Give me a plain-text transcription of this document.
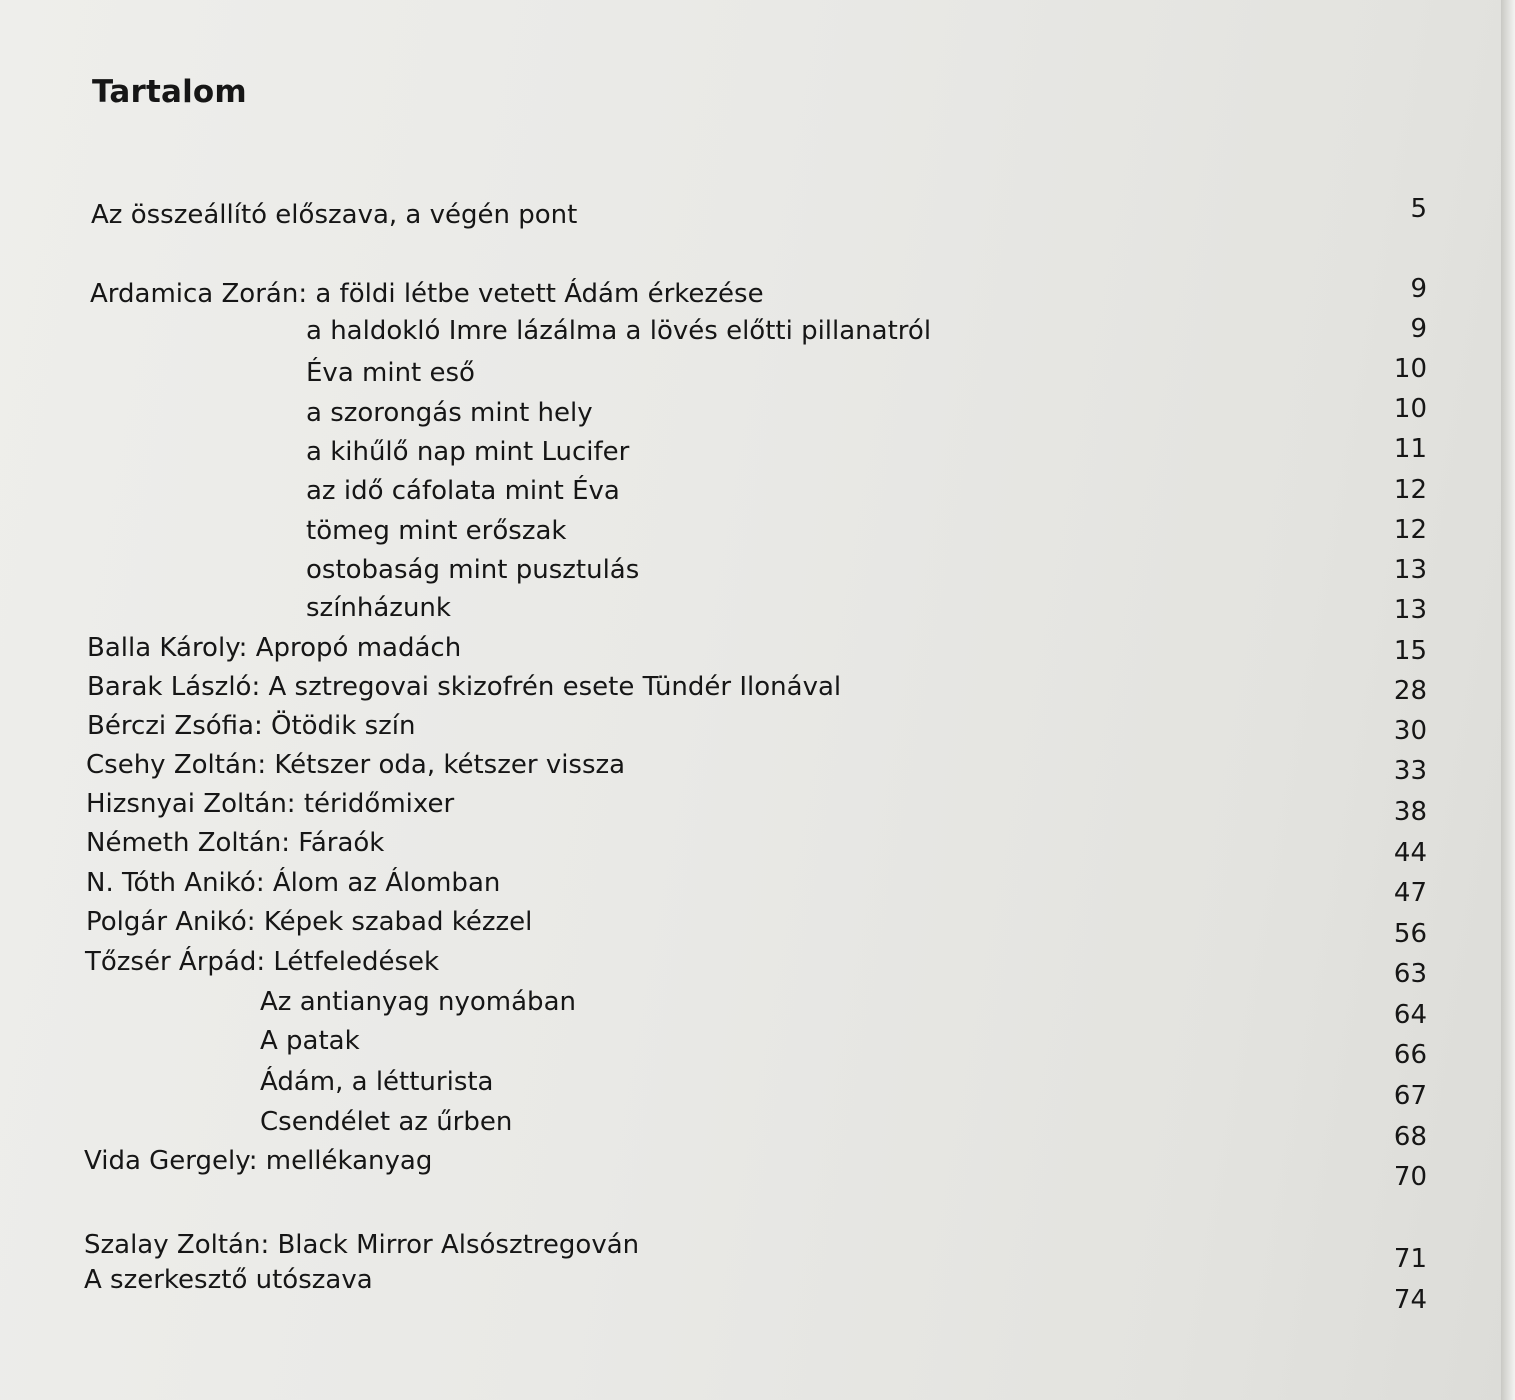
Tartalom
Az összeállító előszava, a végén pont
Ardamica Zorán: a földi létbe vetett Ádám érkezése
a haldokló Imre lázálma a lövés előtti pillanatról
Éva mint eső
a szorongás mint hely
a kihűlő nap mint Lucifer
az idő cáfolata mint Éva
tömeg mint erőszak
ostobaság mint pusztulás
színházunk
Balla Károly: Apropó madách
Barak László: A sztregovai skizofrén esete Tündér Ilonával
Bérczi Zsófia: Ötödik szín
Csehy Zoltán: Kétszer oda, kétszer vissza
Hizsnyai Zoltán: téridőmixer
Németh Zoltán: Fáraók
N. Tóth Anikó: Álom az Álomban
Polgár Anikó: Képek szabad kézzel
Tőzsér Árpád: Létfeledések
Az antianyag nyomában
A patak
Ádám, a létturista
Csendélet az űrben
Vida Gergely: mellékanyag
Szalay Zoltán: Black Mirror Alsósztregován
A szerkesztő utószava
5
9
9
10
10
11
12
12
13
13
15
28
30
33
38
44
47
56
63
64
66
67
68
70
71
74
